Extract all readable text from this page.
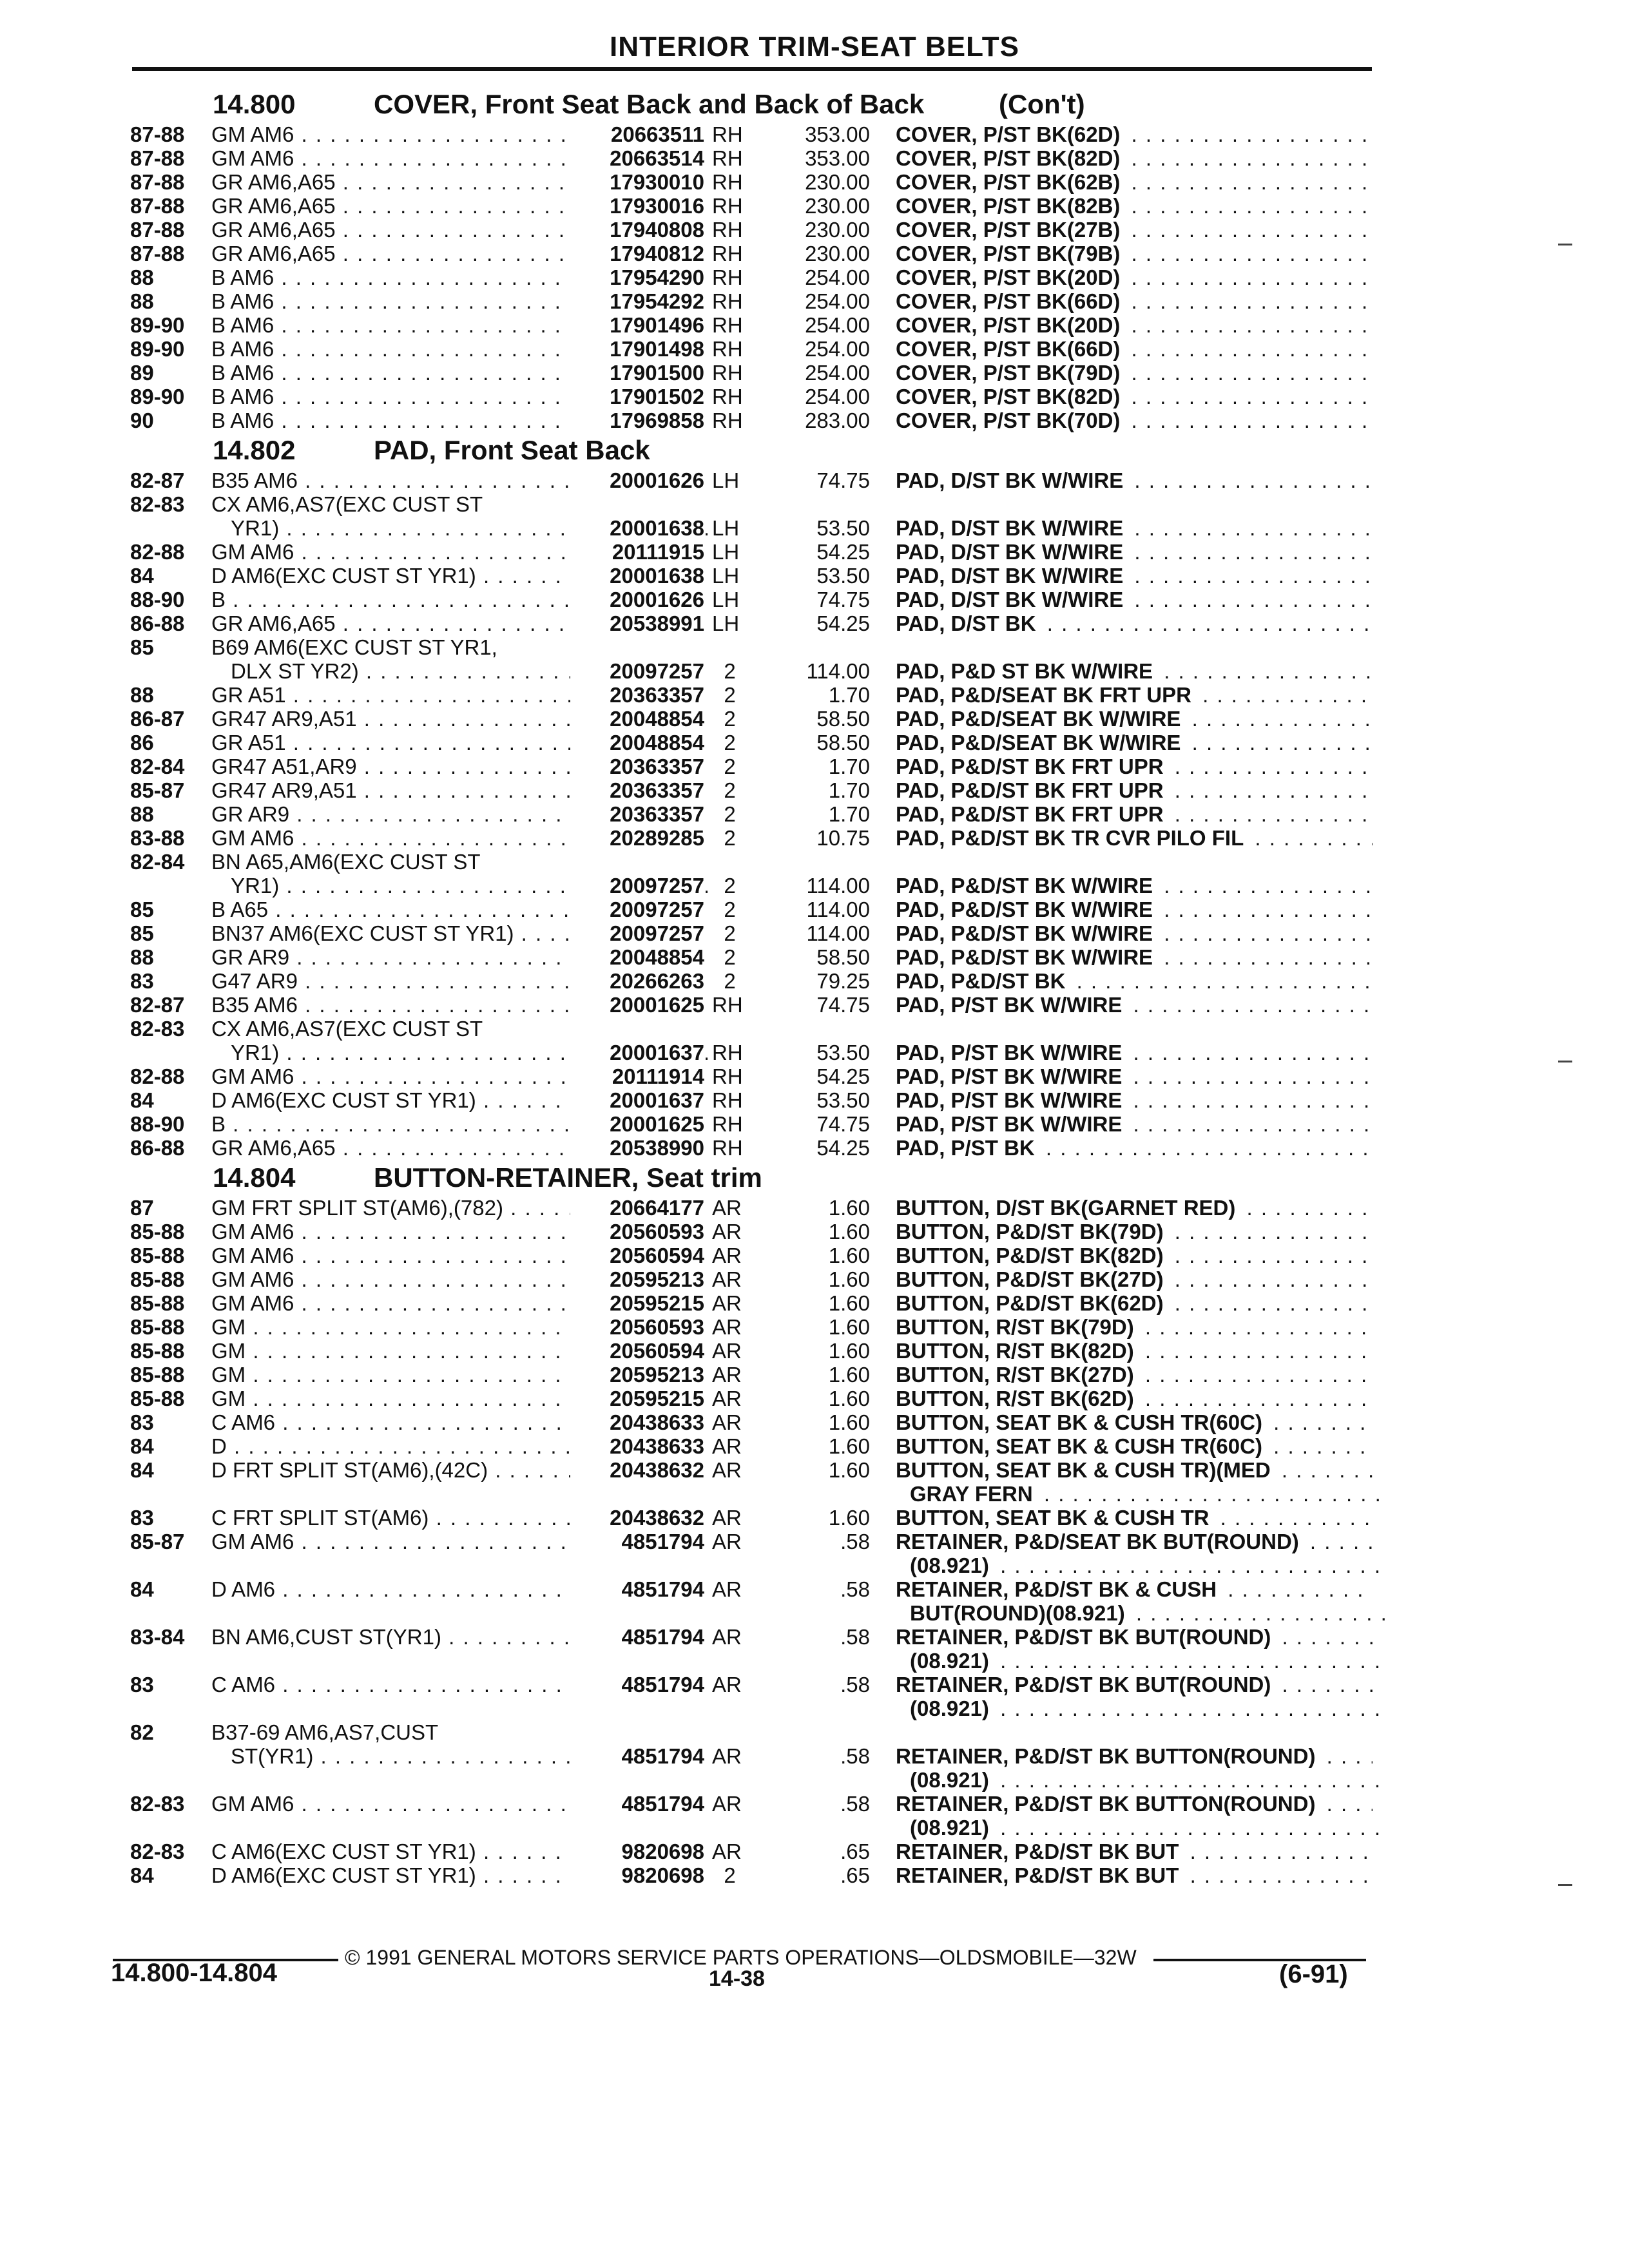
INTERIOR TRIM-SEAT BELTS
14.800	COVER, Front Seat Back and Back of Back	(Con't)
87-88 GM AM6 . . .	20663511 RH	353.00 COVER, P/ST BK(62D) . . .
87-88 GM AM6 . . .	20663514 RH	353.00 COVER, P/ST BK(82D) . . .
87-88 GR AM6,A65 . . .	17930010 RH	230.00 COVER, P/ST BK(62B) . . .
87-88 GR AM6,A65 . . .	17930016 RH	230.00 COVER, P/ST BK(82B) . . .
87-88 GR AM6,A65 . . .	17940808 RH	230.00 COVER, P/ST BK(27B) . . .
87-88 GR AM6,A65 . . .	17940812 RH	230.00 COVER, P/ST BK(79B) . . .
88	B AM6 . . .	17954290 RH	254.00 COVER, P/ST BK(20D) . . .
88	B AM6 . . .	17954292 RH	254.00 COVER, P/ST BK(66D) . . .
89-90 B AM6 . . .	17901496 RH	254.00 COVER, P/ST BK(20D) . . .
89-90 B AM6 . . .	17901498 RH	254.00 COVER, P/ST BK(66D) . . .
89	B AM6 . . .	17901500 RH	254.00 COVER, P/ST BK(79D) . . .
89-90 B AM6 . . .	17901502 RH	254.00 COVER, P/ST BK(82D) . . .
90	B AM6 . . .	17969858 RH	283.00 COVER, P/ST BK(70D) . . .
14.802	PAD, Front Seat Back
82-87 B35 AM6 . . .	20001626 LH	74.75 PAD, D/ST BK W/WIRE . . .
82-83 CX AM6,AS7(EXC CUST ST
YR1) . . .	20001638 LH	53.50 PAD, D/ST BK W/WIRE . . .
82-88 GM AM6 . . .	20111915 LH	54.25 PAD, D/ST BK W/WIRE . . .
84	D AM6(EXC CUST ST YR1) . . .	20001638 LH	53.50 PAD, D/ST BK W/WIRE . . .
88-90 B . . .	20001626 LH	74.75 PAD, D/ST BK W/WIRE . . .
86-88 GR AM6,A65 . . .	20538991 LH	54.25 PAD, D/ST BK . . .
85	B69 AM6(EXC CUST ST YR1,
DLX ST YR2) . . .	20097257 2	114.00 PAD, P&D ST BK W/WIRE . . .
88	GR A51 . . .	20363357 2	1.70 PAD, P&D/SEAT BK FRT UPR . . .
86-87 GR47 AR9,A51 . . .	20048854 2	58.50 PAD, P&D/SEAT BK W/WIRE . . .
86	GR A51 . . .	20048854 2	58.50 PAD, P&D/SEAT BK W/WIRE . . .
82-84 GR47 A51,AR9 . . .	20363357 2	1.70 PAD, P&D/ST BK FRT UPR . . .
85-87 GR47 AR9,A51 . . .	20363357 2	1.70 PAD, P&D/ST BK FRT UPR . . .
88	GR AR9 . . .	20363357 2	1.70 PAD, P&D/ST BK FRT UPR . . .
83-88 GM AM6 . . .	20289285 2	10.75 PAD, P&D/ST BK TR CVR PILO FIL . . .
82-84 BN A65,AM6(EXC CUST ST
YR1) . . .	20097257 2	114.00 PAD, P&D/ST BK W/WIRE . . .
85	B A65 . . .	20097257 2	114.00 PAD, P&D/ST BK W/WIRE . . .
85	BN37 AM6(EXC CUST ST YR1) . . .	20097257 2	114.00 PAD, P&D/ST BK W/WIRE . . .
88	GR AR9 . . .	20048854 2	58.50 PAD, P&D/ST BK W/WIRE . . .
83	G47 AR9 . . .	20266263 2	79.25 PAD, P&D/ST BK . . .
82-87 B35 AM6 . . .	20001625 RH	74.75 PAD, P/ST BK W/WIRE . . .
82-83 CX AM6,AS7(EXC CUST ST
YR1) . . .	20001637 RH	53.50 PAD, P/ST BK W/WIRE . . .
82-88 GM AM6 . . .	20111914 RH	54.25 PAD, P/ST BK W/WIRE . . .
84	D AM6(EXC CUST ST YR1) . . .	20001637 RH	53.50 PAD, P/ST BK W/WIRE . . .
88-90 B . . .	20001625 RH	74.75 PAD, P/ST BK W/WIRE . . .
86-88 GR AM6,A65 . . .	20538990 RH	54.25 PAD, P/ST BK . . .
14.804	BUTTON-RETAINER, Seat trim
87	GM FRT SPLIT ST(AM6),(782) . . .	20664177 AR	1.60 BUTTON, D/ST BK(GARNET RED) . . .
85-88 GM AM6 . . .	20560593 AR	1.60 BUTTON, P&D/ST BK(79D) . . .
85-88 GM AM6 . . .	20560594 AR	1.60 BUTTON, P&D/ST BK(82D) . . .
85-88 GM AM6 . . .	20595213 AR	1.60 BUTTON, P&D/ST BK(27D) . . .
85-88 GM AM6 . . .	20595215 AR	1.60 BUTTON, P&D/ST BK(62D) . . .
85-88 GM . . .	20560593 AR	1.60 BUTTON, R/ST BK(79D) . . .
85-88 GM . . .	20560594 AR	1.60 BUTTON, R/ST BK(82D) . . .
85-88 GM . . .	20595213 AR	1.60 BUTTON, R/ST BK(27D) . . .
85-88 GM . . .	20595215 AR	1.60 BUTTON, R/ST BK(62D) . . .
83	C AM6 . . .	20438633 AR	1.60 BUTTON, SEAT BK & CUSH TR(60C) . . .
84	D . . .	20438633 AR	1.60 BUTTON, SEAT BK & CUSH TR(60C) . . .
84	D FRT SPLIT ST(AM6),(42C) . . .	20438632 AR	1.60 BUTTON, SEAT BK & CUSH TR)(MED . . .
GRAY FERN . . .
83	C FRT SPLIT ST(AM6) . . .	20438632 AR	1.60 BUTTON, SEAT BK & CUSH TR . . .
85-87 GM AM6 . . .	4851794 AR	.58 RETAINER, P&D/SEAT BK BUT(ROUND) . . .
(08.921) . . .
84	D AM6 . . .	4851794 AR	.58 RETAINER, P&D/ST BK & CUSH . . .
BUT(ROUND)(08.921) . . .
83-84 BN AM6,CUST ST(YR1) . . .	4851794 AR	.58 RETAINER, P&D/ST BK BUT(ROUND) . . .
(08.921) . . .
83	C AM6 . . .	4851794 AR	.58 RETAINER, P&D/ST BK BUT(ROUND) . . .
(08.921) . . .
82	B37-69 AM6,AS7,CUST
ST(YR1) . . .	4851794 AR	.58 RETAINER, P&D/ST BK BUTTON(ROUND) . . .
(08.921) . . .
82-83 GM AM6 . . .	4851794 AR	.58 RETAINER, P&D/ST BK BUTTON(ROUND) . . .
(08.921) . . .
82-83 C AM6(EXC CUST ST YR1) . . .	9820698 AR	.65 RETAINER, P&D/ST BK BUT . . .
84	D AM6(EXC CUST ST YR1) . . .	9820698 2	.65 RETAINER, P&D/ST BK BUT . . .
© 1991 GENERAL MOTORS SERVICE PARTS OPERATIONS—OLDSMOBILE—32W
14.800-14.804	14-38	(6-91)
